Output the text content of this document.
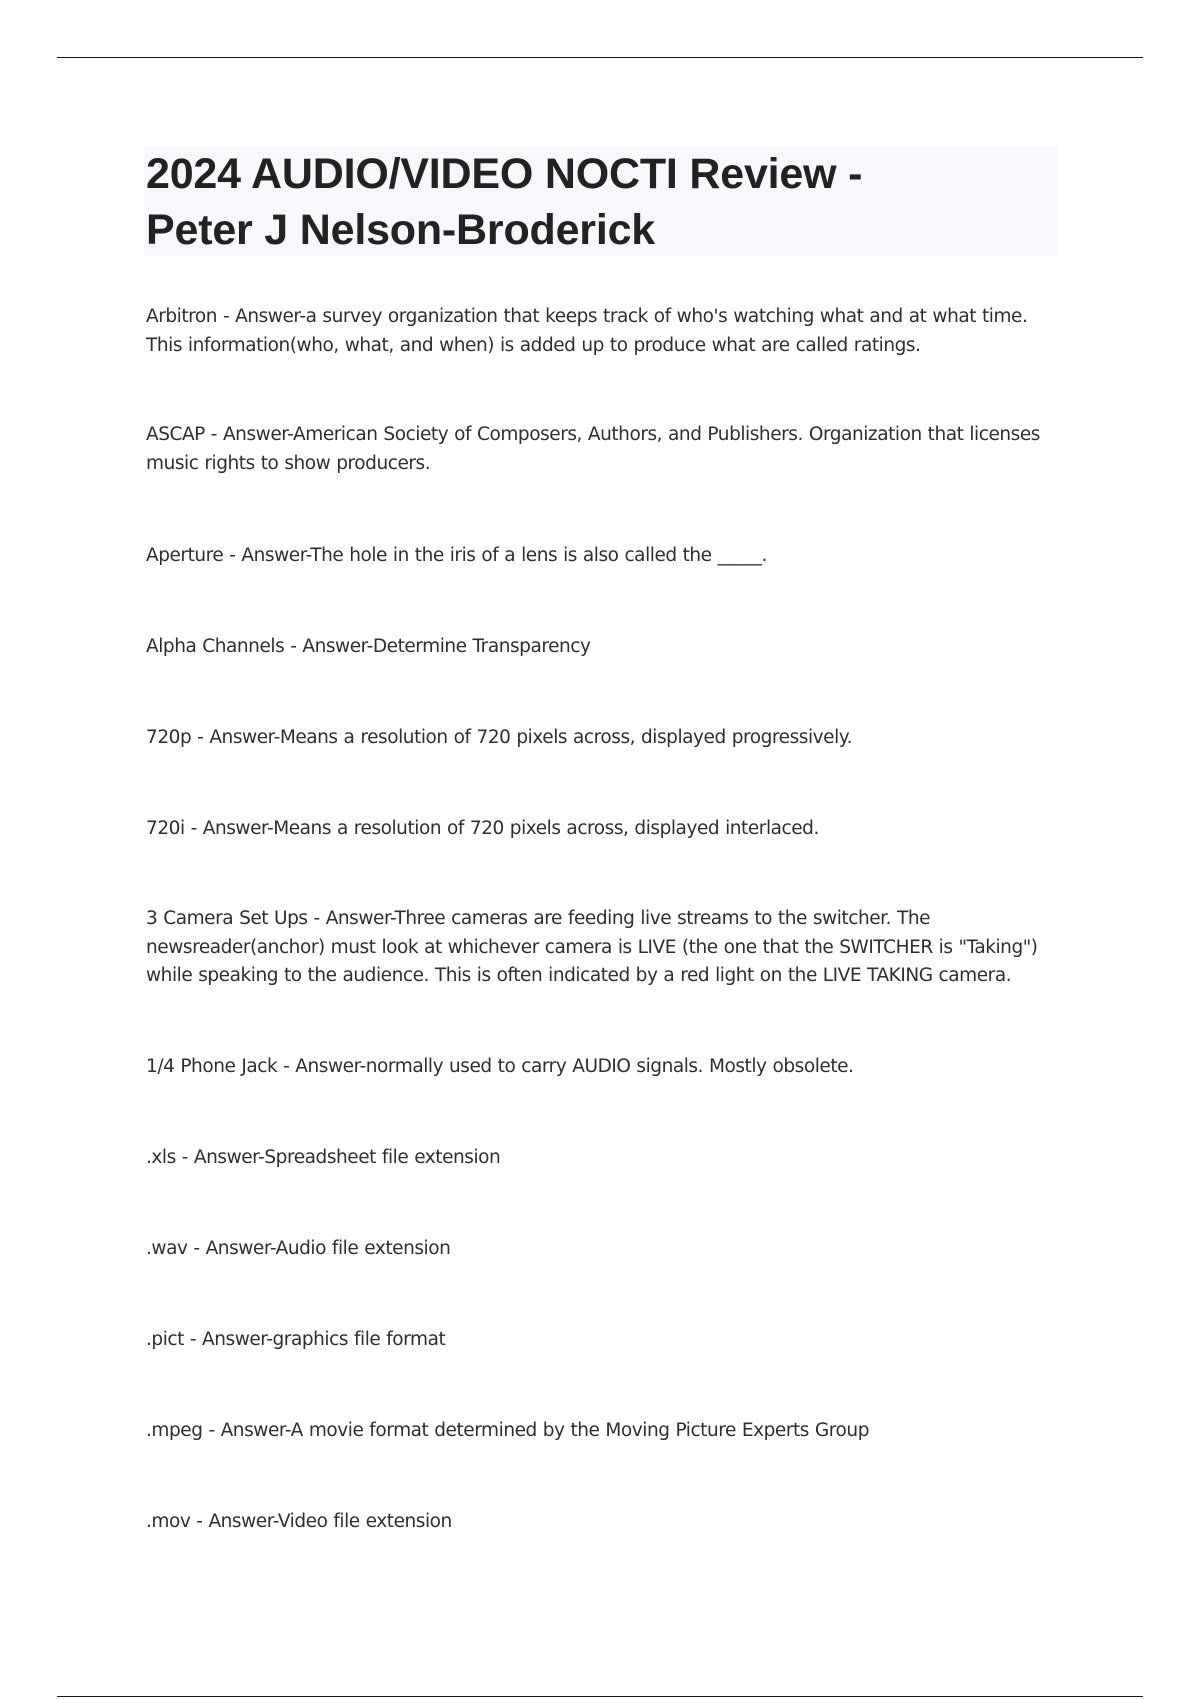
2024 AUDIO/VIDEO NOCTI Review -
Peter J Nelson-Broderick

Arbitron - Answer-a survey organization that keeps track of who's watching what and at what time. This information(who, what, and when) is added up to produce what are called ratings.

ASCAP - Answer-American Society of Composers, Authors, and Publishers. Organization that licenses music rights to show producers.

Aperture - Answer-The hole in the iris of a lens is also called the _____.

Alpha Channels - Answer-Determine Transparency

720p - Answer-Means a resolution of 720 pixels across, displayed progressively.

720i - Answer-Means a resolution of 720 pixels across, displayed interlaced.

3 Camera Set Ups - Answer-Three cameras are feeding live streams to the switcher. The newsreader(anchor) must look at whichever camera is LIVE (the one that the SWITCHER is "Taking") while speaking to the audience. This is often indicated by a red light on the LIVE TAKING camera.

1/4 Phone Jack - Answer-normally used to carry AUDIO signals. Mostly obsolete.

.xls - Answer-Spreadsheet file extension

.wav - Answer-Audio file extension

.pict - Answer-graphics file format

.mpeg - Answer-A movie format determined by the Moving Picture Experts Group

.mov - Answer-Video file extension
